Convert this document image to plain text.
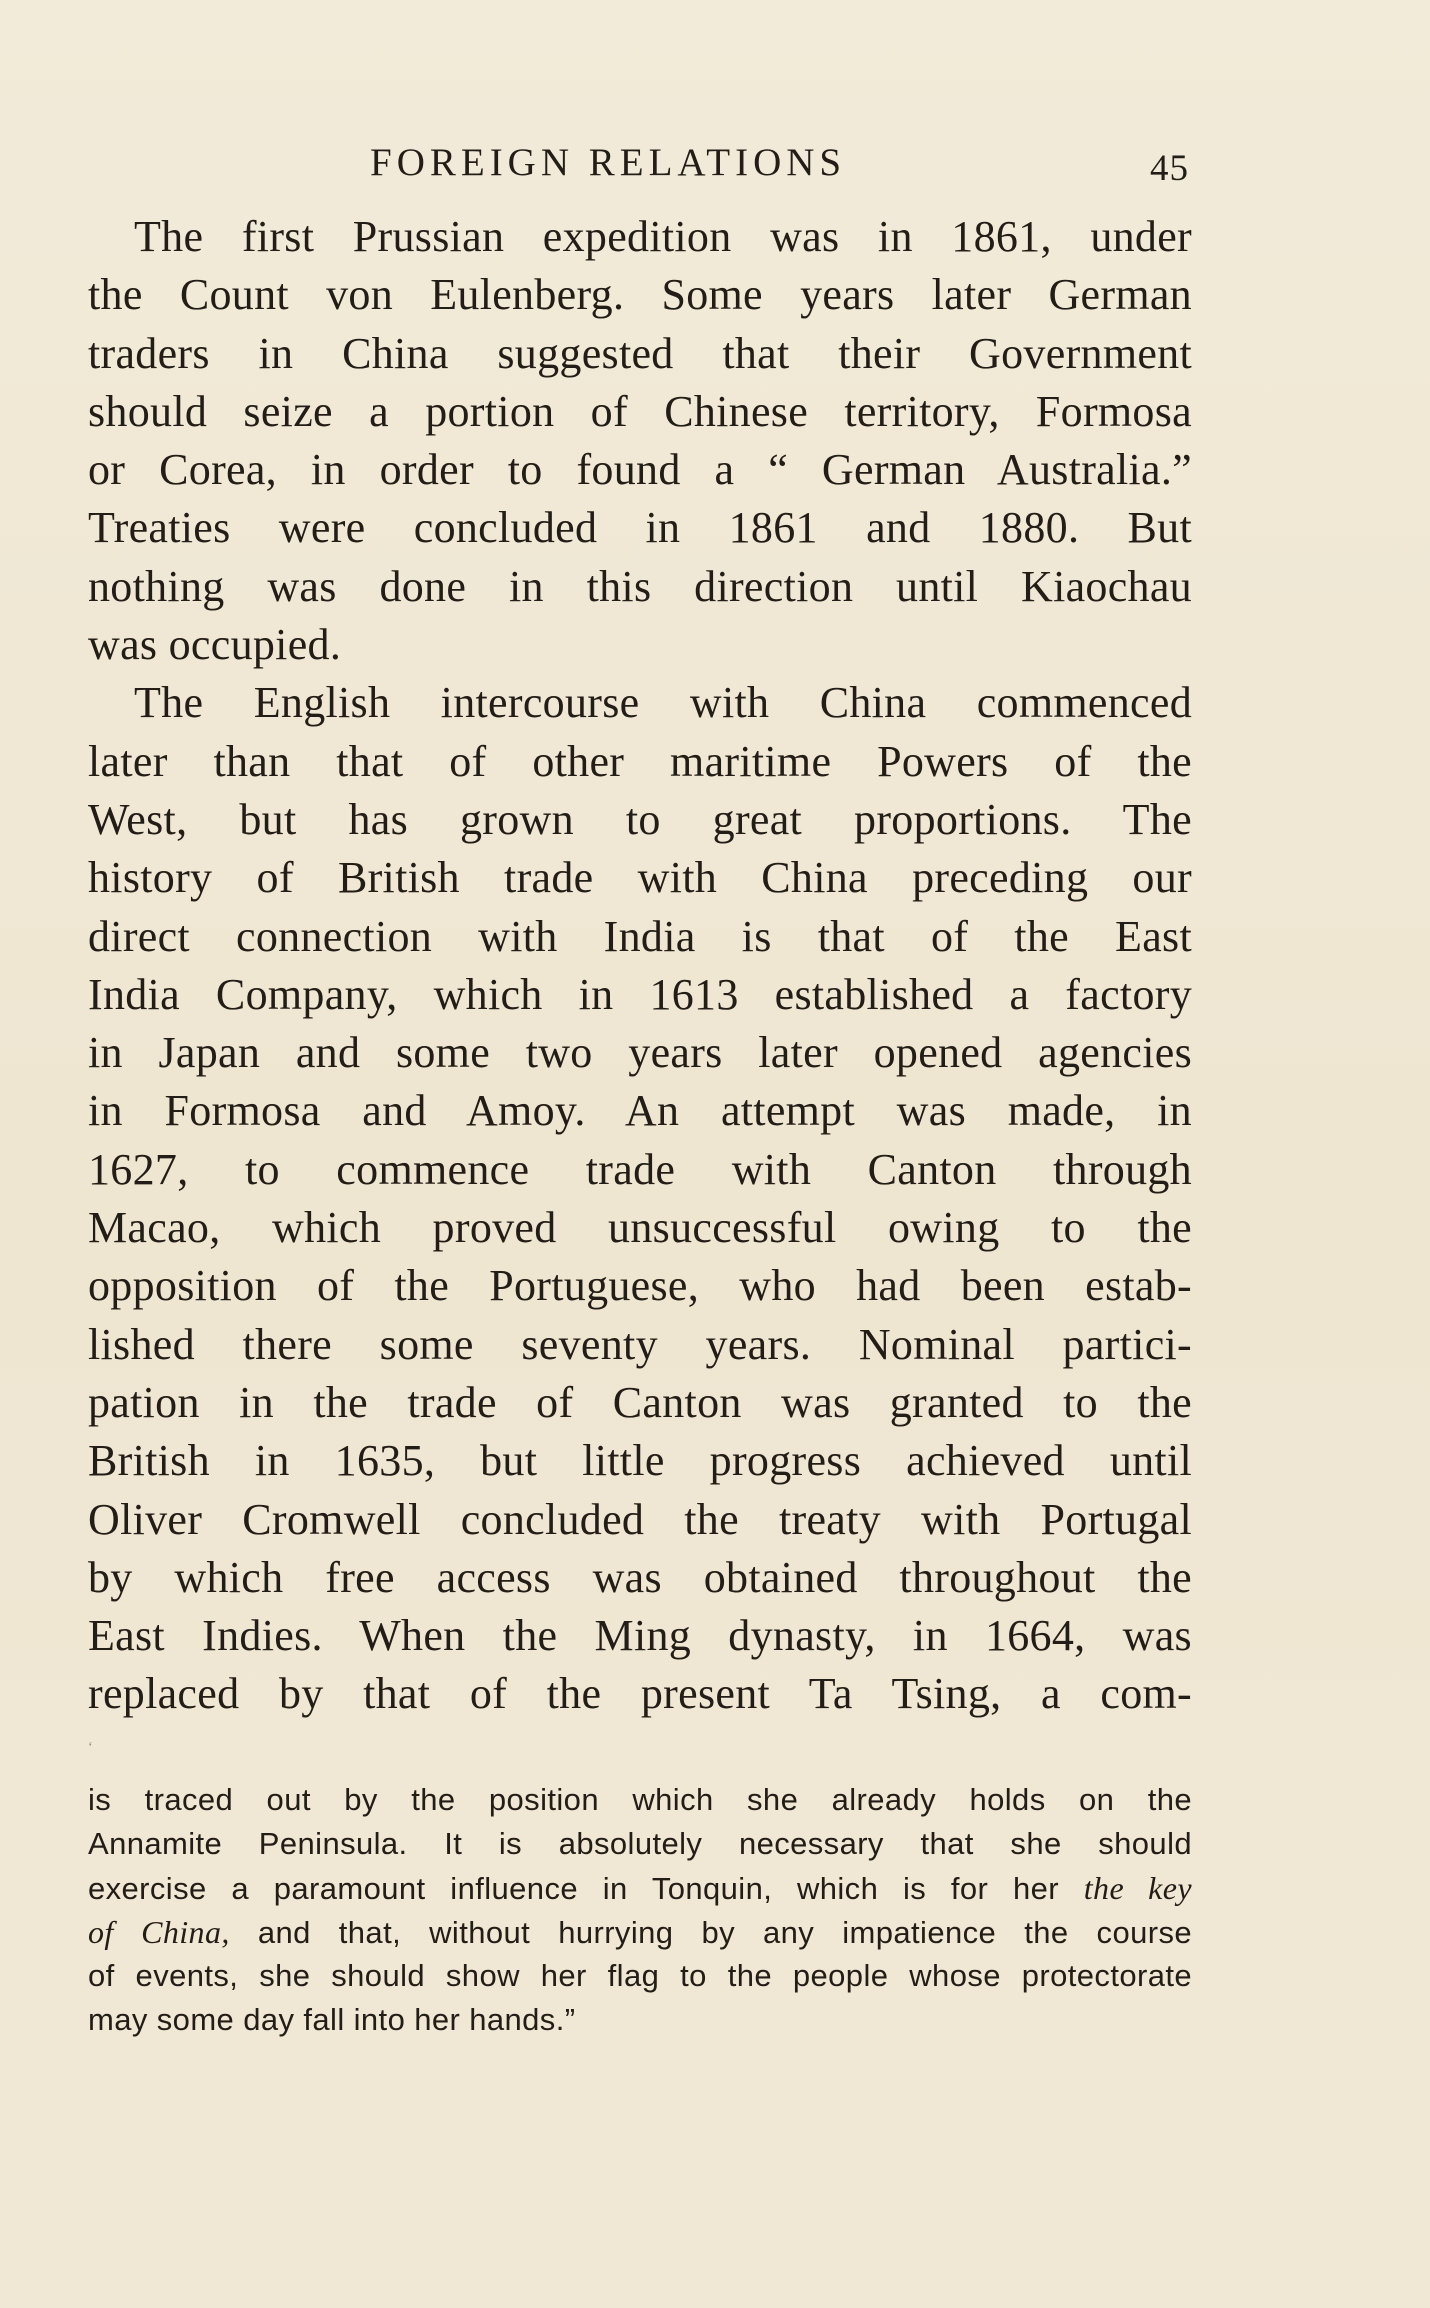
FOREIGN RELATIONS	45
The first Prussian expedition was in 1861, under
the Count von Eulenberg. Some years later German
traders in China suggested that their Government
should seize a portion of Chinese territory, Formosa
or Corea, in order to found a “ German Australia.”
Treaties were concluded in 1861 and 1880. But
nothing was done in this direction until Kiaochau
was occupied.
The English intercourse with China commenced
later than that of other maritime Powers of the
West, but has grown to great proportions. The
history of British trade with China preceding our
direct connection with India is that of the East
India Company, which in 1613 established a factory
in Japan and some two years later opened agencies
in Formosa and Amoy. An attempt was made, in
1627, to commence trade with Canton through
Macao, which proved unsuccessful owing to the
opposition of the Portuguese, who had been estab-
lished there some seventy years. Nominal partici-
pation in the trade of Canton was granted to the
British in 1635, but little progress achieved until
Oliver Cromwell concluded the treaty with Portugal
by which free access was obtained throughout the
East Indies. When the Ming dynasty, in 1664, was
replaced by that of the present Ta Tsing, a com-
‘
is traced out by the position which she already holds on the
Annamite Peninsula. It is absolutely necessary that she should
exercise a paramount influence in Tonquin, which is for her the key
of China, and that, without hurrying by any impatience the course
of events, she should show her flag to the people whose protectorate
may some day fall into her hands.”
